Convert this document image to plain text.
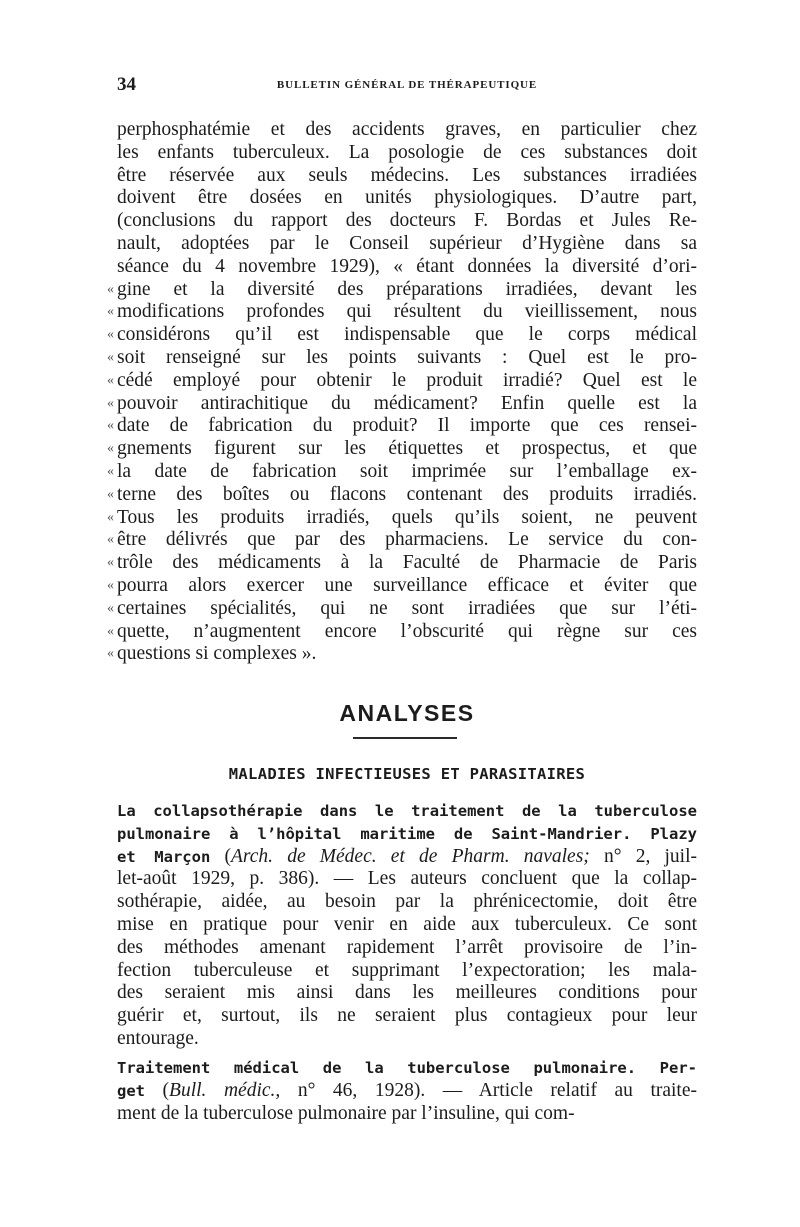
34	BULLETIN GÉNÉRAL DE THÉRAPEUTIQUE
perphosphatémie et des accidents graves, en particulier chez
les enfants tuberculeux. La posologie de ces substances doit
être réservée aux seuls médecins. Les substances irradiées
doivent être dosées en unités physiologiques. D’autre part,
(conclusions du rapport des docteurs F. Bordas et Jules Re-
nault, adoptées par le Conseil supérieur d’Hygiène dans sa
séance du 4 novembre 1929), « étant données la diversité d’ori-
« gine et la diversité des préparations irradiées, devant les
« modifications profondes qui résultent du vieillissement, nous
« considérons qu’il est indispensable que le corps médical
« soit renseigné sur les points suivants : Quel est le pro-
« cédé employé pour obtenir le produit irradié? Quel est le
« pouvoir antirachitique du médicament? Enfin quelle est la
« date de fabrication du produit? Il importe que ces rensei-
« gnements figurent sur les étiquettes et prospectus, et que
« la date de fabrication soit imprimée sur l’emballage ex-
« terne des boîtes ou flacons contenant des produits irradiés.
« Tous les produits irradiés, quels qu’ils soient, ne peuvent
« être délivrés que par des pharmaciens. Le service du con-
« trôle des médicaments à la Faculté de Pharmacie de Paris
« pourra alors exercer une surveillance efficace et éviter que
« certaines spécialités, qui ne sont irradiées que sur l’éti-
« quette, n’augmentent encore l’obscurité qui règne sur ces
« questions si complexes ».
ANALYSES
MALADIES INFECTIEUSES ET PARASITAIRES
La collapsothérapie dans le traitement de la tuberculose
pulmonaire à l’hôpital maritime de Saint-Mandrier. Plazy
et Marçon (Arch. de Médec. et de Pharm. navales; n° 2, juil-
let-août 1929, p. 386). — Les auteurs concluent que la collap-
sothérapie, aidée, au besoin par la phrénicectomie, doit être
mise en pratique pour venir en aide aux tuberculeux. Ce sont
des méthodes amenant rapidement l’arrêt provisoire de l’in-
fection tuberculeuse et supprimant l’expectoration; les mala-
des seraient mis ainsi dans les meilleures conditions pour
guérir et, surtout, ils ne seraient plus contagieux pour leur
entourage.
Traitement médical de la tuberculose pulmonaire. Per-
get (Bull. médic., n° 46, 1928). — Article relatif au traite-
ment de la tuberculose pulmonaire par l’insuline, qui com-
